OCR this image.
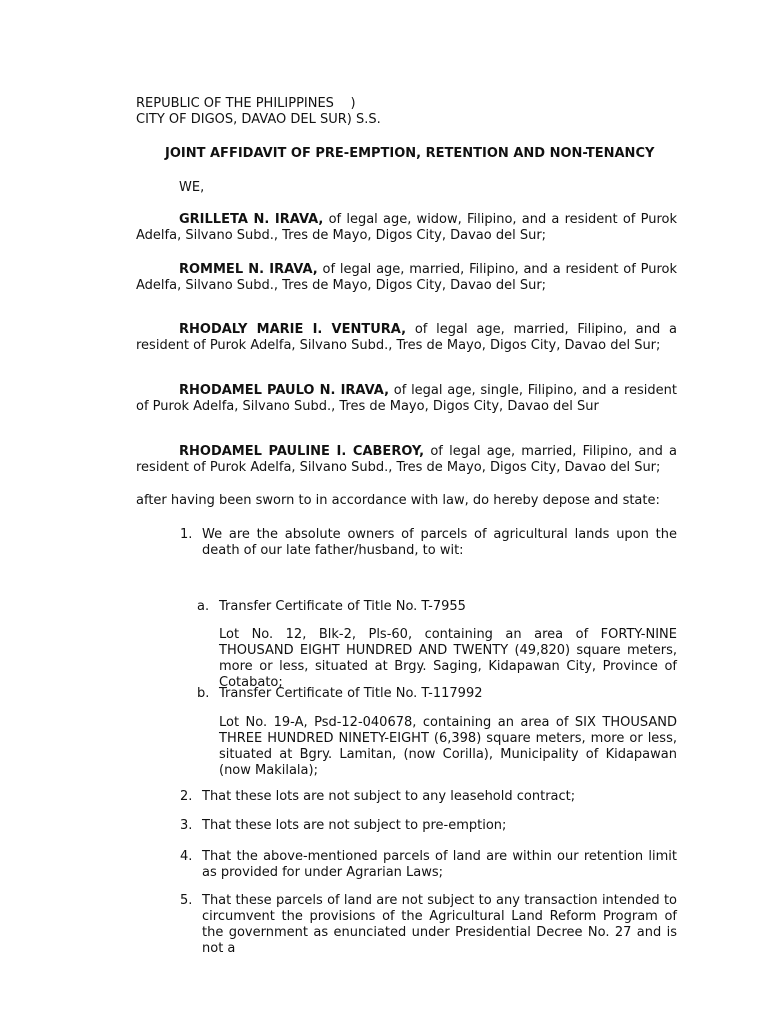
REPUBLIC OF THE PHILIPPINES    )
CITY OF DIGOS, DAVAO DEL SUR) S.S.
JOINT AFFIDAVIT OF PRE-EMPTION, RETENTION AND NON-TENANCY
WE,
GRILLETA N. IRAVA, of legal age, widow, Filipino, and a resident of Purok Adelfa, Silvano Subd., Tres de Mayo, Digos City, Davao del Sur;
ROMMEL N. IRAVA, of legal age, married, Filipino, and a resident of Purok Adelfa, Silvano Subd., Tres de Mayo, Digos City, Davao del Sur;
RHODALY MARIE I. VENTURA, of legal age, married, Filipino, and a resident of Purok Adelfa, Silvano Subd., Tres de Mayo, Digos City, Davao del Sur;
RHODAMEL PAULO N. IRAVA, of legal age, single, Filipino, and a resident of Purok Adelfa, Silvano Subd., Tres de Mayo, Digos City, Davao del Sur
RHODAMEL PAULINE I. CABEROY, of legal age, married, Filipino, and a resident of Purok Adelfa, Silvano Subd., Tres de Mayo, Digos City, Davao del Sur;
after having been sworn to in accordance with law, do hereby depose and state:
1. We are the absolute owners of parcels of agricultural lands upon the death of our late father/husband, to wit:
a. Transfer Certificate of Title No. T-7955
Lot No. 12, Blk-2, Pls-60, containing an area of FORTY-NINE THOUSAND EIGHT HUNDRED AND TWENTY (49,820) square meters, more or less, situated at Brgy. Saging, Kidapawan City, Province of Cotabato;
b. Transfer Certificate of Title No. T-117992
Lot No. 19-A, Psd-12-040678, containing an area of SIX THOUSAND THREE HUNDRED NINETY-EIGHT (6,398) square meters, more or less, situated at Bgry. Lamitan, (now Corilla), Municipality of Kidapawan (now Makilala);
2. That these lots are not subject to any leasehold contract;
3. That these lots are not subject to pre-emption;
4. That the above-mentioned parcels of land are within our retention limit as provided for under Agrarian Laws;
5. That these parcels of land are not subject to any transaction intended to circumvent the provisions of the Agricultural Land Reform Program of the government as enunciated under Presidential Decree No. 27 and is not a
